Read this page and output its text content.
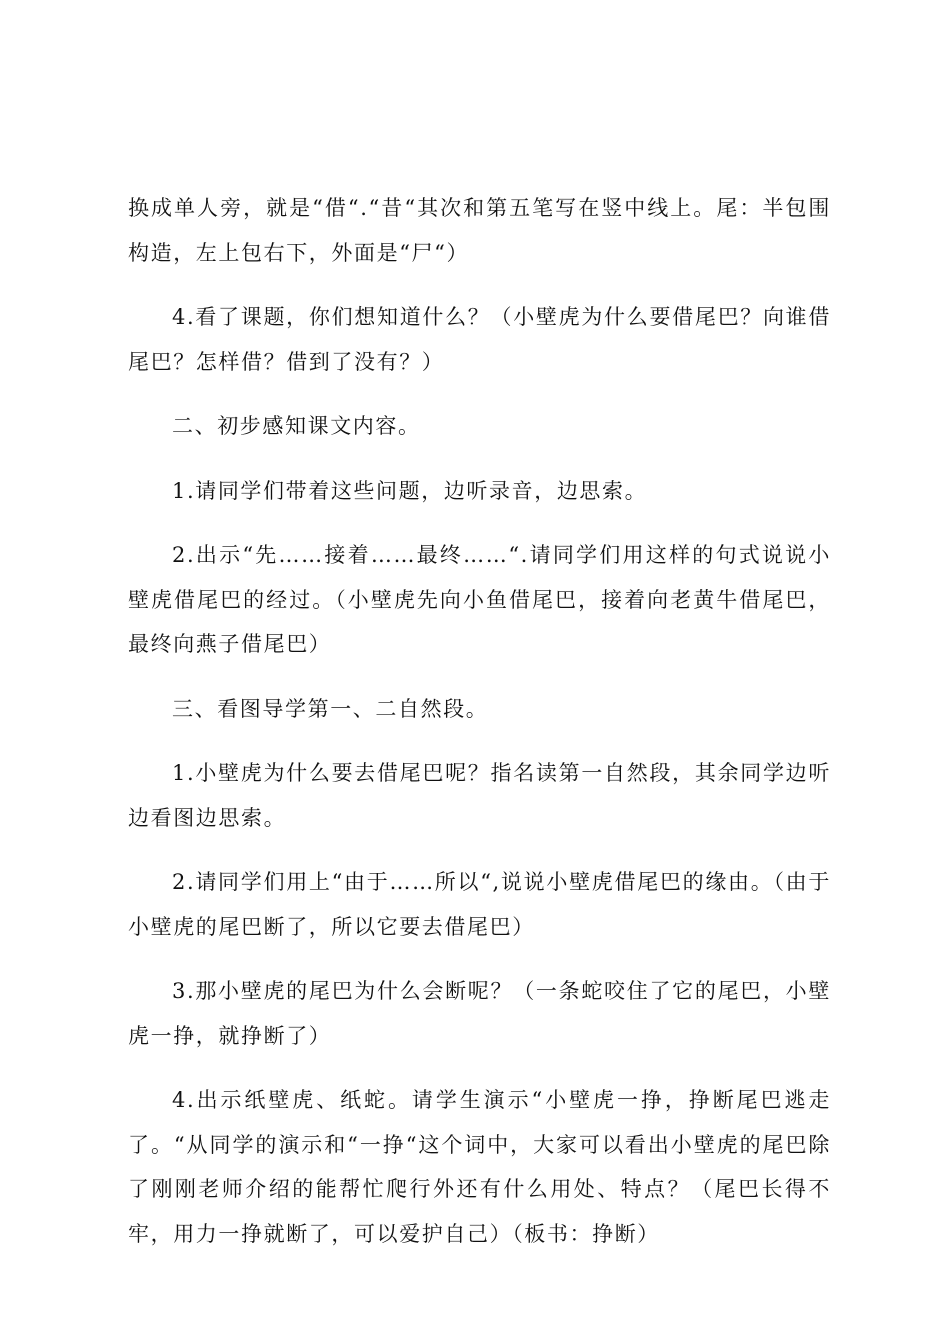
换成单人旁，就是“借“.“昔“其次和第五笔写在竖中线上。尾：半包围构造，左上包右下，外面是“尸“）

4.看了课题，你们想知道什么？（小壁虎为什么要借尾巴？向谁借尾巴？怎样借？借到了没有？）

二、初步感知课文内容。

1.请同学们带着这些问题，边听录音，边思索。

2.出示“先……接着……最终……“.请同学们用这样的句式说说小壁虎借尾巴的经过。（小壁虎先向小鱼借尾巴，接着向老黄牛借尾巴，最终向燕子借尾巴）

三、看图导学第一、二自然段。

1.小壁虎为什么要去借尾巴呢？指名读第一自然段，其余同学边听边看图边思索。

2.请同学们用上“由于……所以“,说说小壁虎借尾巴的缘由。（由于小壁虎的尾巴断了，所以它要去借尾巴）

3.那小壁虎的尾巴为什么会断呢？（一条蛇咬住了它的尾巴，小壁虎一挣，就挣断了）

4.出示纸壁虎、纸蛇。请学生演示“小壁虎一挣，挣断尾巴逃走了。“从同学的演示和“一挣“这个词中，大家可以看出小壁虎的尾巴除了刚刚老师介绍的能帮忙爬行外还有什么用处、特点？（尾巴长得不牢，用力一挣就断了，可以爱护自己）（板书：挣断）
